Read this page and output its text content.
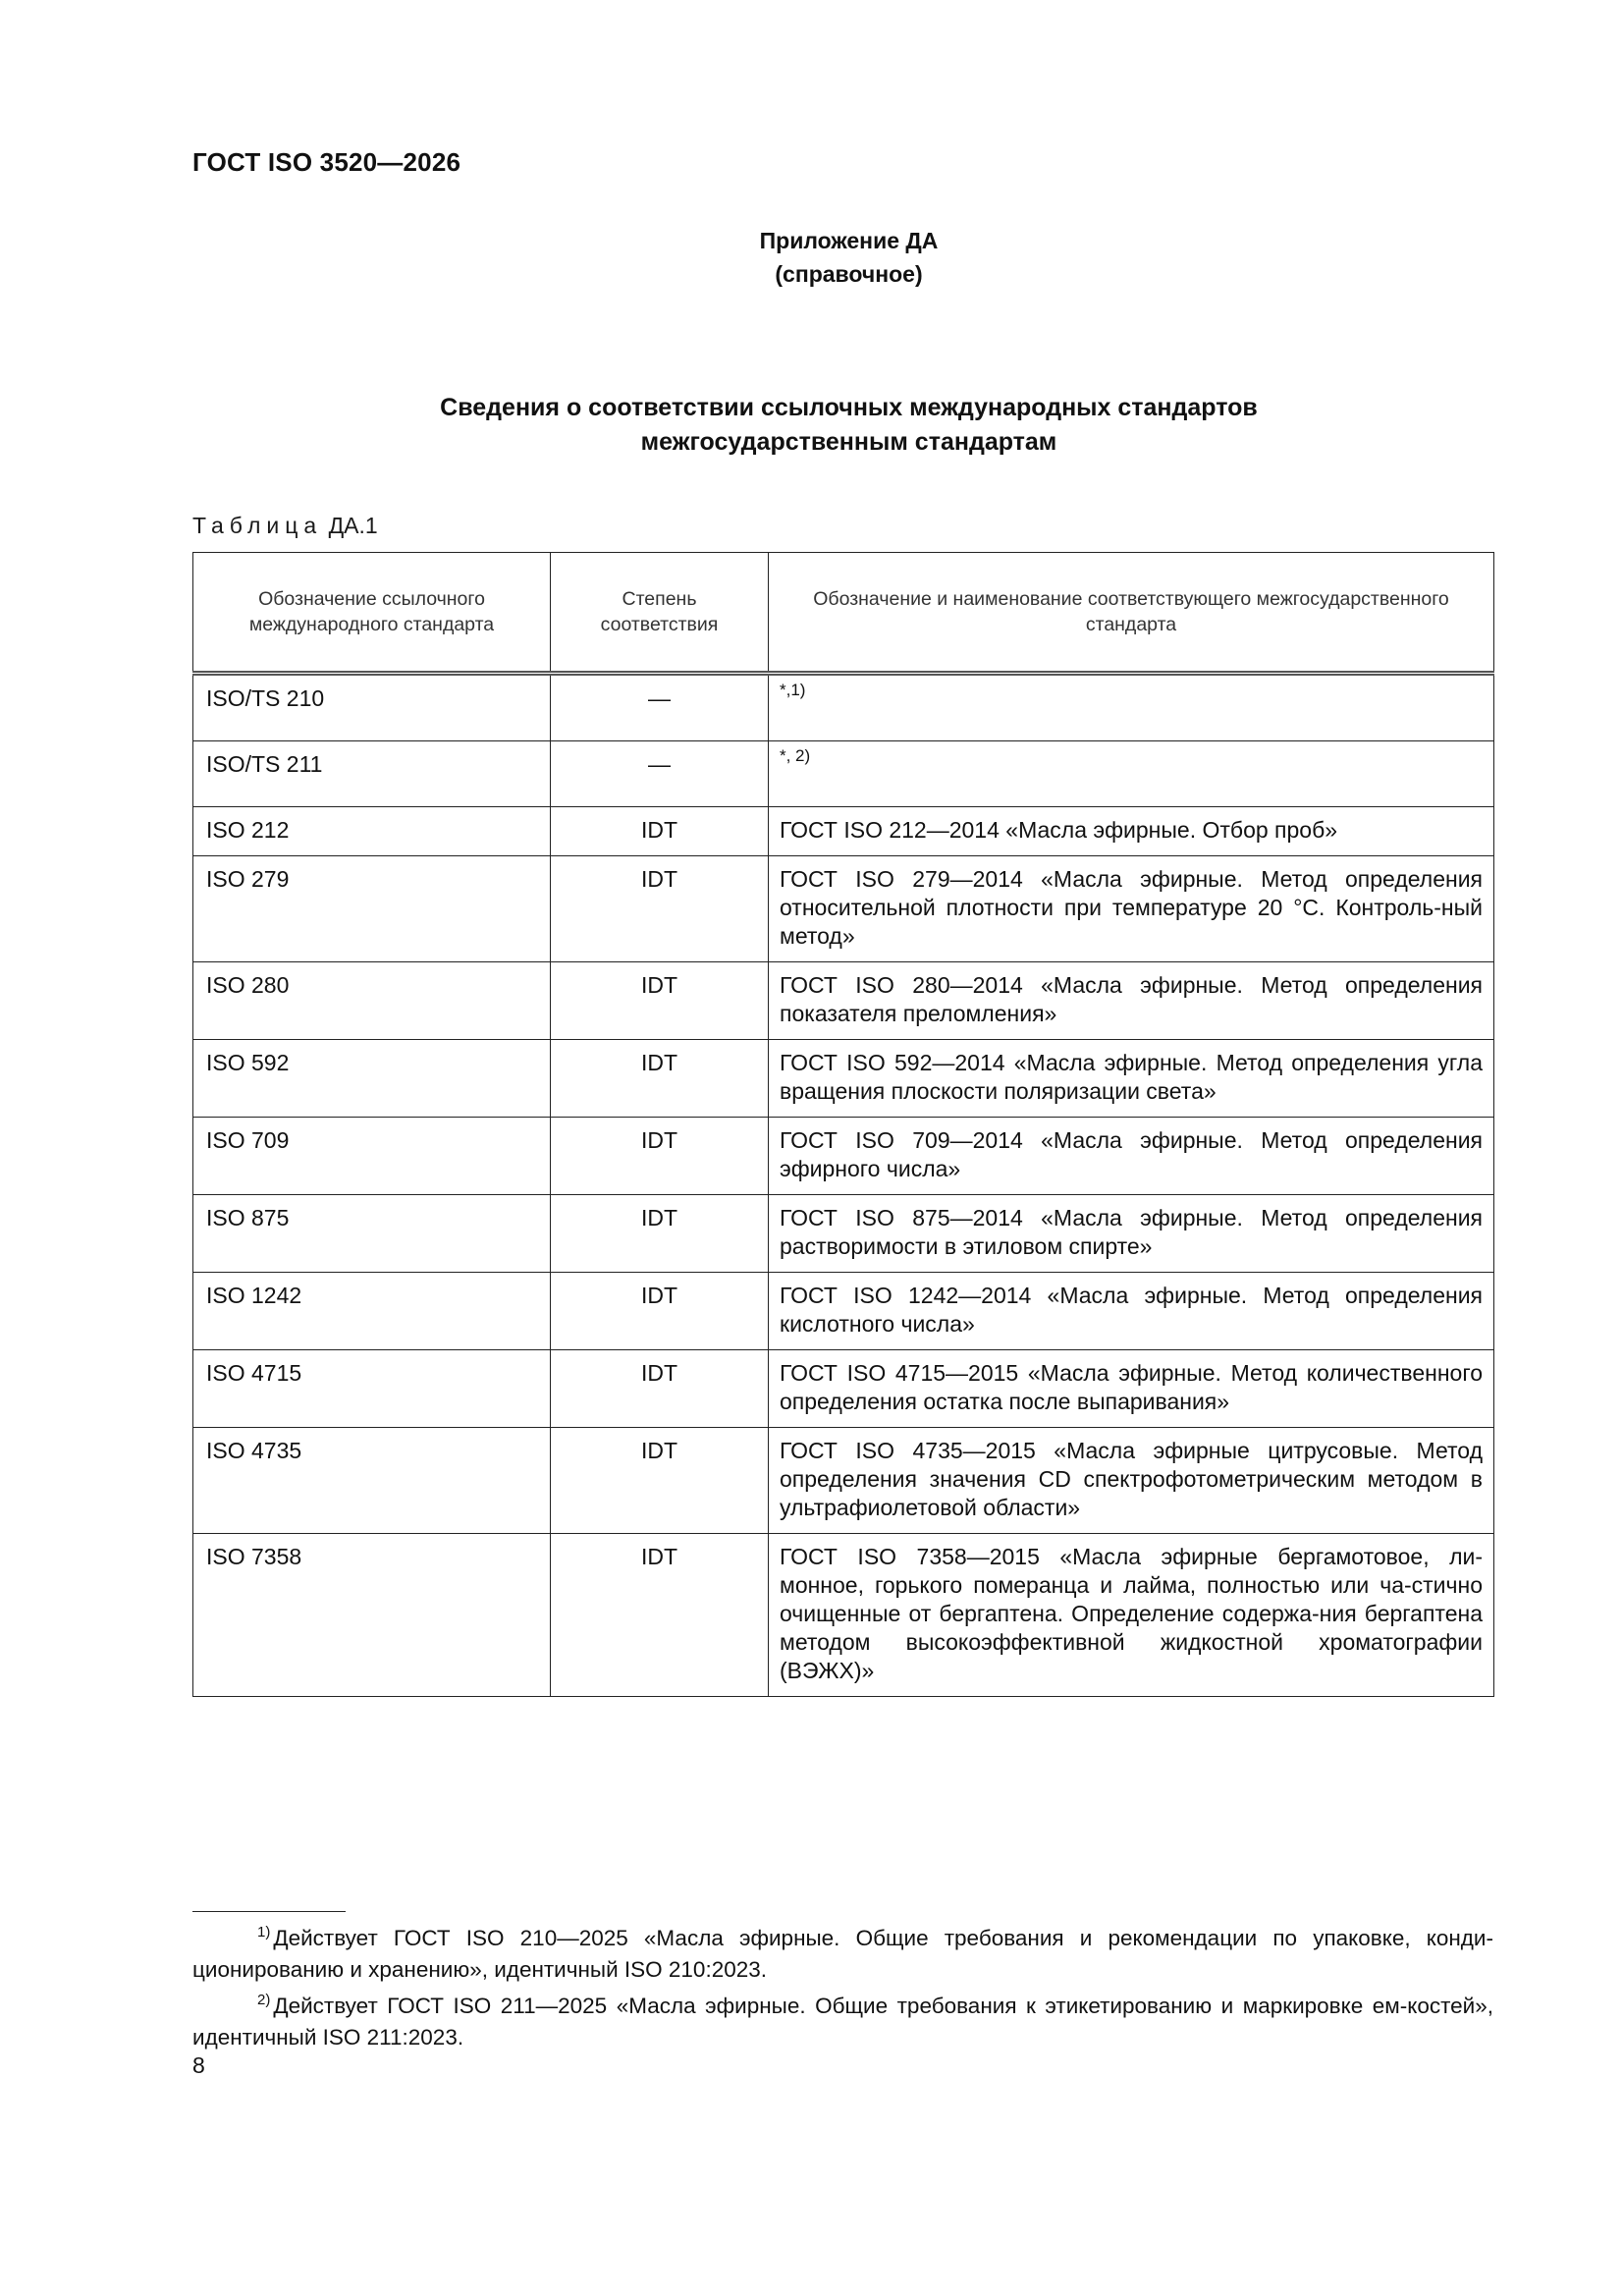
ГОСТ ISO 3520—2026
Приложение ДА
(справочное)
Сведения о соответствии ссылочных международных стандартов
межгосударственным стандартам
Таблица ДА.1
Обозначение ссылочного международного стандарта	Степень соответствия	Обозначение и наименование соответствующего межгосударственного стандарта
ISO/TS 210	—	*,1)

ISO/TS 211	—	*, 2)

ISO 212	IDT	ГОСТ ISO 212—2014 «Масла эфирные. Отбор проб»
ISO 279	IDT	ГОСТ ISO 279—2014 «Масла эфирные. Метод определения относительной плотности при температуре 20 °С. Контроль-ный метод»
ISO 280	IDT	ГОСТ ISO 280—2014 «Масла эфирные. Метод определения показателя преломления»
ISO 592	IDT	ГОСТ ISO 592—2014 «Масла эфирные. Метод определения угла вращения плоскости поляризации света»
ISO 709	IDT	ГОСТ ISO 709—2014 «Масла эфирные. Метод определения эфирного числа»
ISO 875	IDT	ГОСТ ISO 875—2014 «Масла эфирные. Метод определения растворимости в этиловом спирте»
ISO 1242	IDT	ГОСТ ISO 1242—2014 «Масла эфирные. Метод определения кислотного числа»
ISO 4715	IDT	ГОСТ ISO 4715—2015 «Масла эфирные. Метод количественного определения остатка после выпаривания»
ISO 4735	IDT	ГОСТ ISO 4735—2015 «Масла эфирные цитрусовые. Метод определения значения CD спектрофотометрическим методом в ультрафиолетовой области»
ISO 7358	IDT	ГОСТ ISO 7358—2015 «Масла эфирные бергамотовое, ли-монное, горького померанца и лайма, полностью или ча-стично очищенные от бергаптена. Определение содержа-ния бергаптена методом высокоэффективной жидкостной хроматографии (ВЭЖХ)»
$^{1)}$ Действует ГОСТ ISO 210—2025 «Масла эфирные. Общие требования и рекомендации по упаковке, конди-ционированию и хранению», идентичный ISO 210:2023.
$^{2)}$ Действует ГОСТ ISO 211—2025 «Масла эфирные. Общие требования к этикетированию и маркировке ем-костей», идентичный ISO 211:2023.
8
